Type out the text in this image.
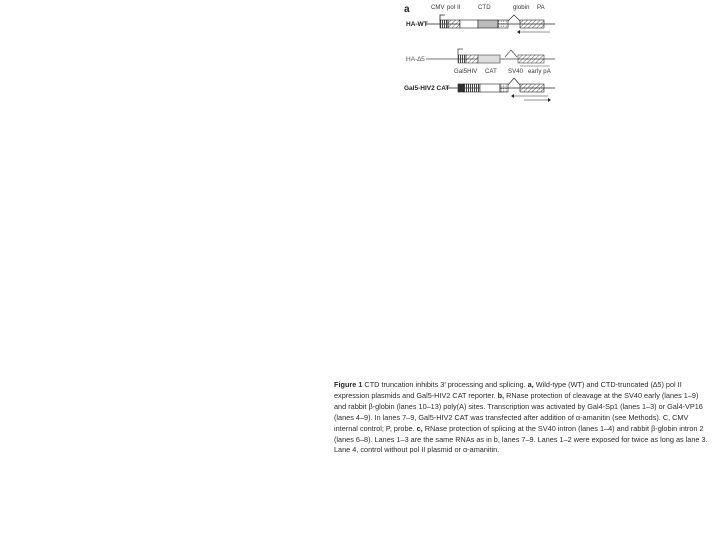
a	CMV pol II	CTD	globin PA
HA-WT
HA-∆5
Gal5-HIV2 CAT
Gal5HIV CAT SV40 early pA
Figure 1 CTD truncation inhibits 3′ processing and splicing. a, Wild-type (WT) and CTD-truncated (∆5) pol II expression plasmids and Gal5-HIV2 CAT reporter. b, RNase protection of cleavage at the SV40 early (lanes 1–9) and rabbit β-globin (lanes 10–13) poly(A) sites. Transcription was activated by Gal4-Sp1 (lanes 1–3) or Gal4-VP16 (lanes 4–9). In lanes 7–9, Gal5-HIV2 CAT was transfected after addition of α-amanitin (see Methods). C, CMV internal control; P, probe. c, RNase protection of splicing at the SV40 intron (lanes 1–4) and rabbit β-globin intron 2 (lanes 6–8). Lanes 1–3 are the same RNAs as in b, lanes 7–9. Lanes 1–2 were exposed for twice as long as lane 3. Lane 4, control without pol II plasmid or α-amanitin.
